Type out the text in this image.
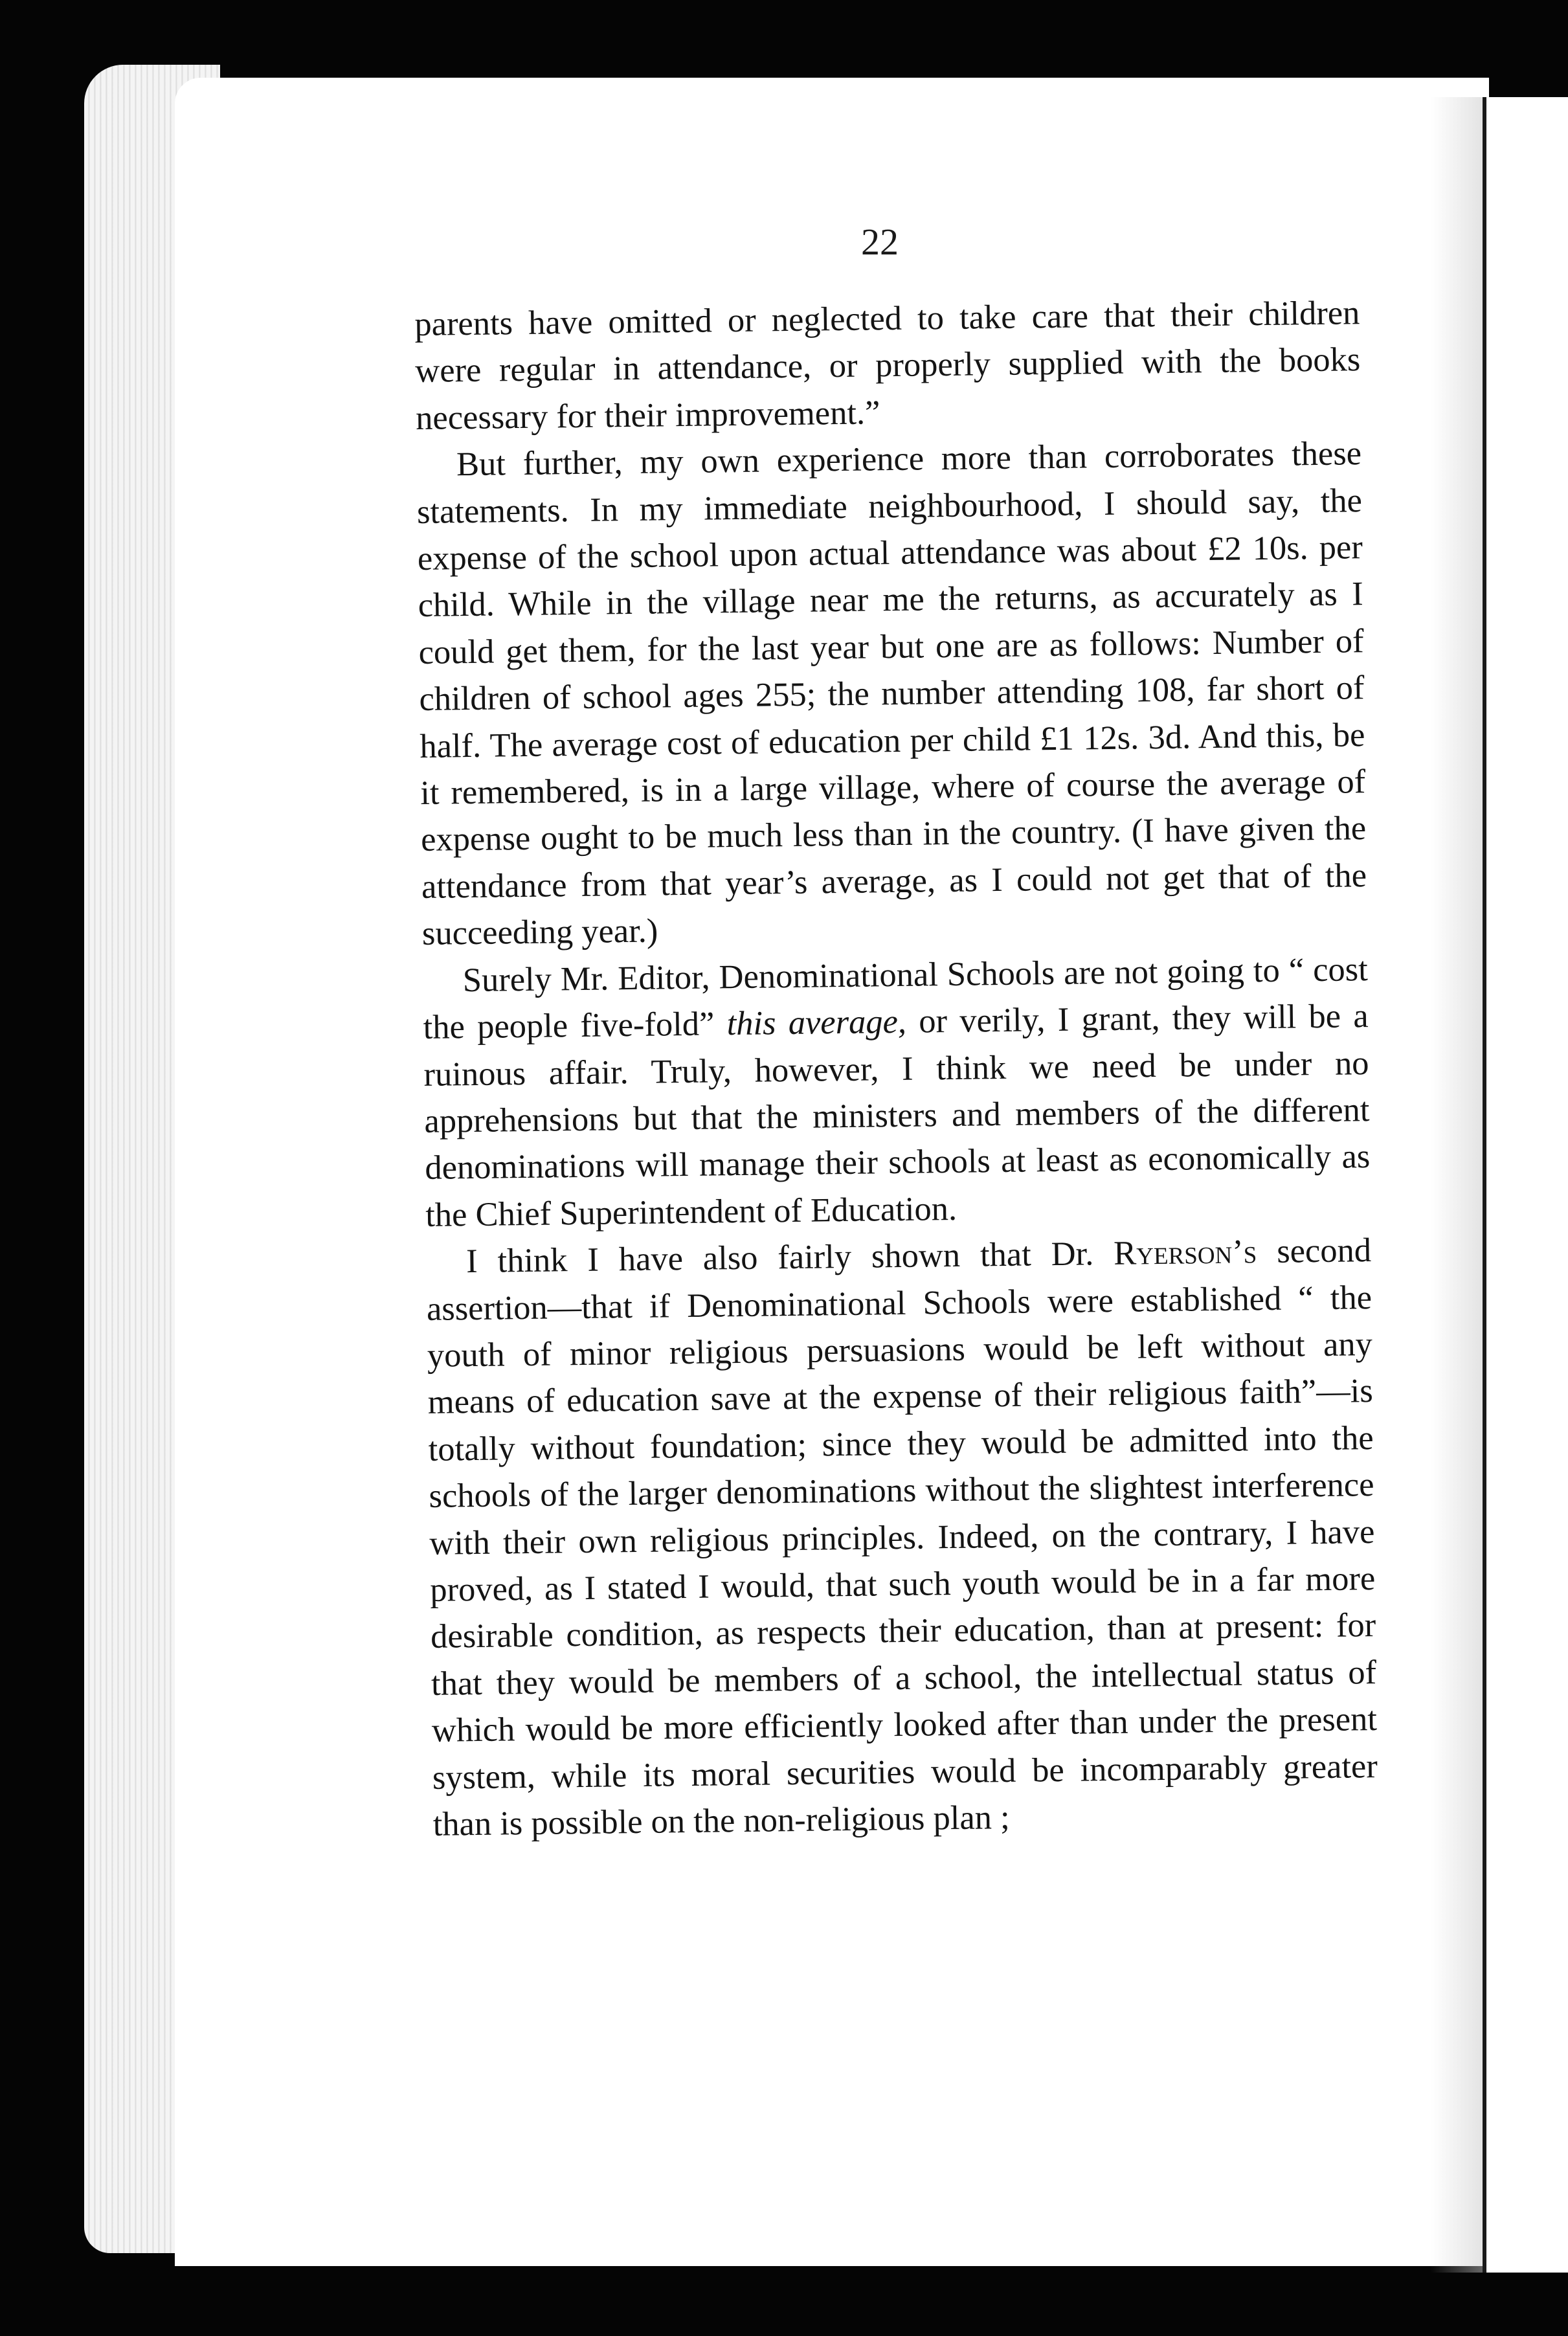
22

parents have omitted or neglected to take care that their children were regular in attendance, or properly supplied with the books necessary for their improvement.”

But further, my own experience more than corroborates these statements. In my immediate neighbourhood, I should say, the expense of the school upon actual attendance was about £2 10s. per child. While in the village near me the returns, as accurately as I could get them, for the last year but one are as follows: Number of children of school ages 255; the number attending 108, far short of half. The average cost of education per child £1 12s. 3d. And this, be it remembered, is in a large village, where of course the average of expense ought to be much less than in the country. (I have given the attendance from that year’s average, as I could not get that of the succeeding year.)

Surely Mr. Editor, Denominational Schools are not going to “ cost the people five-fold” this average, or verily, I grant, they will be a ruinous affair. Truly, however, I think we need be under no apprehensions but that the ministers and members of the different denominations will manage their schools at least as economically as the Chief Superintendent of Education.

I think I have also fairly shown that Dr. Ryerson’s second assertion—that if Denominational Schools were established “ the youth of minor religious persuasions would be left without any means of education save at the expense of their religious faith”—is totally without foundation; since they would be admitted into the schools of the larger denominations without the slightest interference with their own religious principles. Indeed, on the contrary, I have proved, as I stated I would, that such youth would be in a far more desirable condition, as respects their education, than at present: for that they would be members of a school, the intellectual status of which would be more efficiently looked after than under the present system, while its moral securities would be incomparably greater than is possible on the non-religious plan ;
